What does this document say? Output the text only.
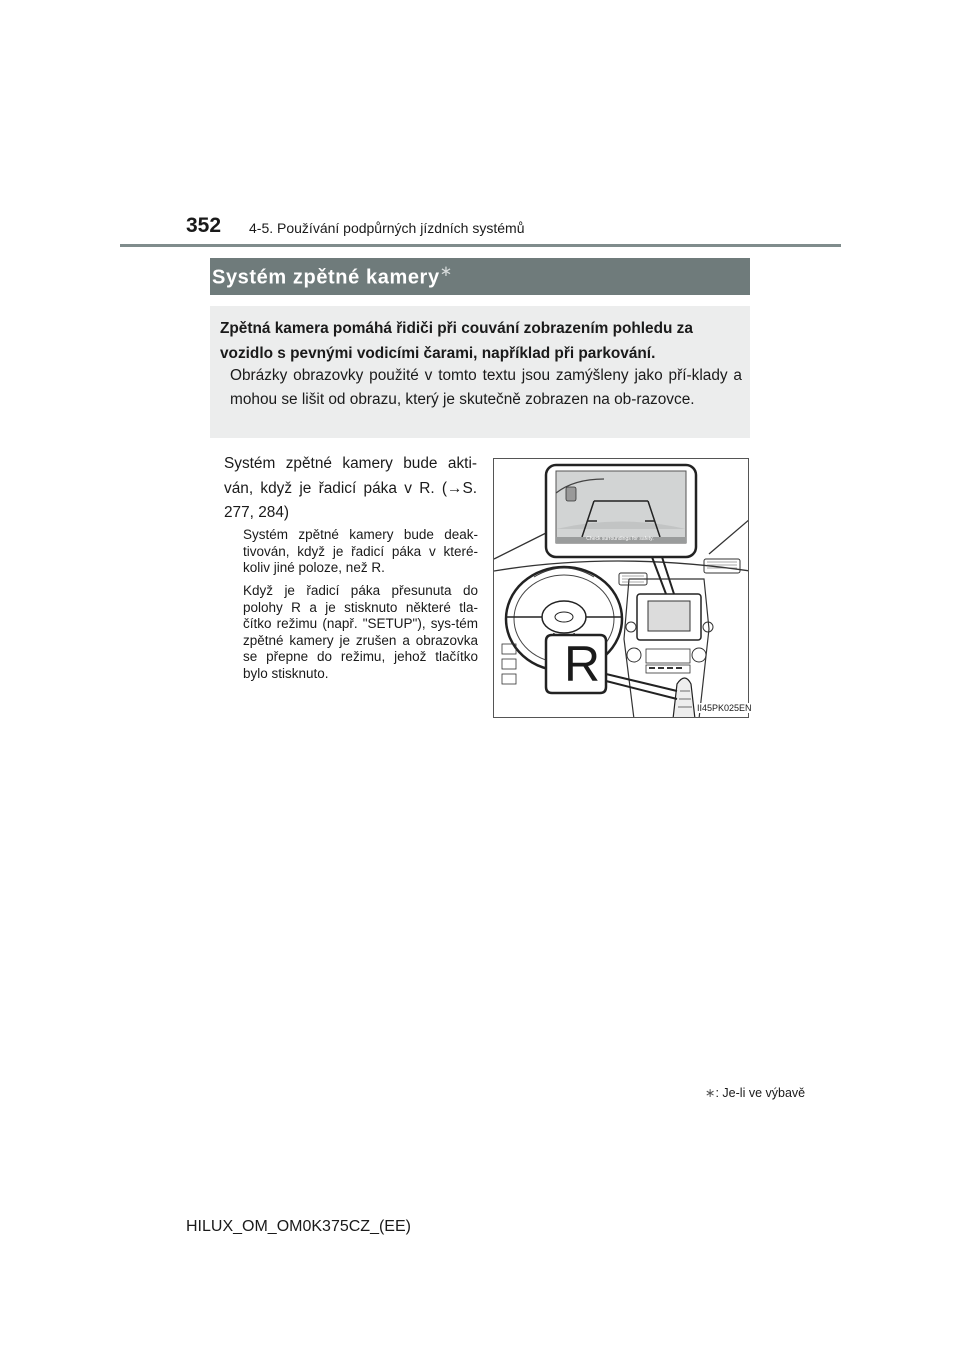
352 4-5. Používání podpůrných jízdních systémů
Systém zpětné kamery∗
Zpětná kamera pomáhá řidiči při couvání zobrazením pohledu za vozidlo s pevnými vodicími čarami, například při parkování.
Obrázky obrazovky použité v tomto textu jsou zamýšleny jako pří-klady a mohou se lišit od obrazu, který je skutečně zobrazen na ob-razovce.
Systém zpětné kamery bude akti-ván, když je řadicí páka v R. (→S. 277, 284)
Systém zpětné kamery bude deak-tivován, když je řadicí páka v které-koliv jiné poloze, než R.
Když je řadicí páka přesunuta do polohy R a je stisknuto některé tla-čítko režimu (např. "SETUP"), sys-tém zpětné kamery je zrušen a obrazovka se přepne do režimu, jehož tlačítko bylo stisknuto.	R
Check surroundings for safety.
II45PK025EN
∗: Je-li ve výbavě
HILUX_OM_OM0K375CZ_(EE)
